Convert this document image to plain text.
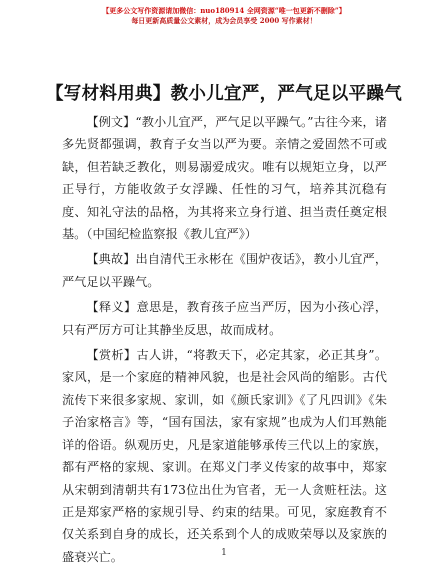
【更多公文写作资源请加微信：nuo180914 全网资源“唯一包更新不删除”】
每日更新高质量公文素材，成为会员享受 2000 写作素材！
【写材料用典】教小儿宜严，严气足以平躁气

【例文】“教小儿宜严，严气足以平躁气。”古往今来，诸多先贤都强调，教育子女当以严为要。亲情之爱固然不可或缺，但若缺乏教化，则易溺爱成灾。唯有以规矩立身，以严正导行，方能收敛子女浮躁、任性的习气，培养其沉稳有度、知礼守法的品格，为其将来立身行道、担当责任奠定根基。（中国纪检监察报《教儿宜严》）

【典故】出自清代王永彬在《围炉夜话》，教小儿宜严，严气足以平躁气。

【释义】意思是，教育孩子应当严厉，因为小孩心浮，只有严厉方可让其静坐反思，故而成材。

【赏析】古人讲，“将教天下，必定其家，必正其身”。家风，是一个家庭的精神风貌，也是社会风尚的缩影。古代流传下来很多家规、家训，如《颜氏家训》《了凡四训》《朱子治家格言》等，“国有国法，家有家规”也成为人们耳熟能详的俗语。纵观历史，凡是家道能够承传三代以上的家族，都有严格的家规、家训。在郑义门孝义传家的故事中，郑家从宋朝到清朝共有173位出仕为官者，无一人贪赃枉法。这正是郑家严格的家规引导、约束的结果。可见，家庭教育不仅关系到自身的成长，还关系到个人的成败荣辱以及家族的盛衰兴亡。	1
